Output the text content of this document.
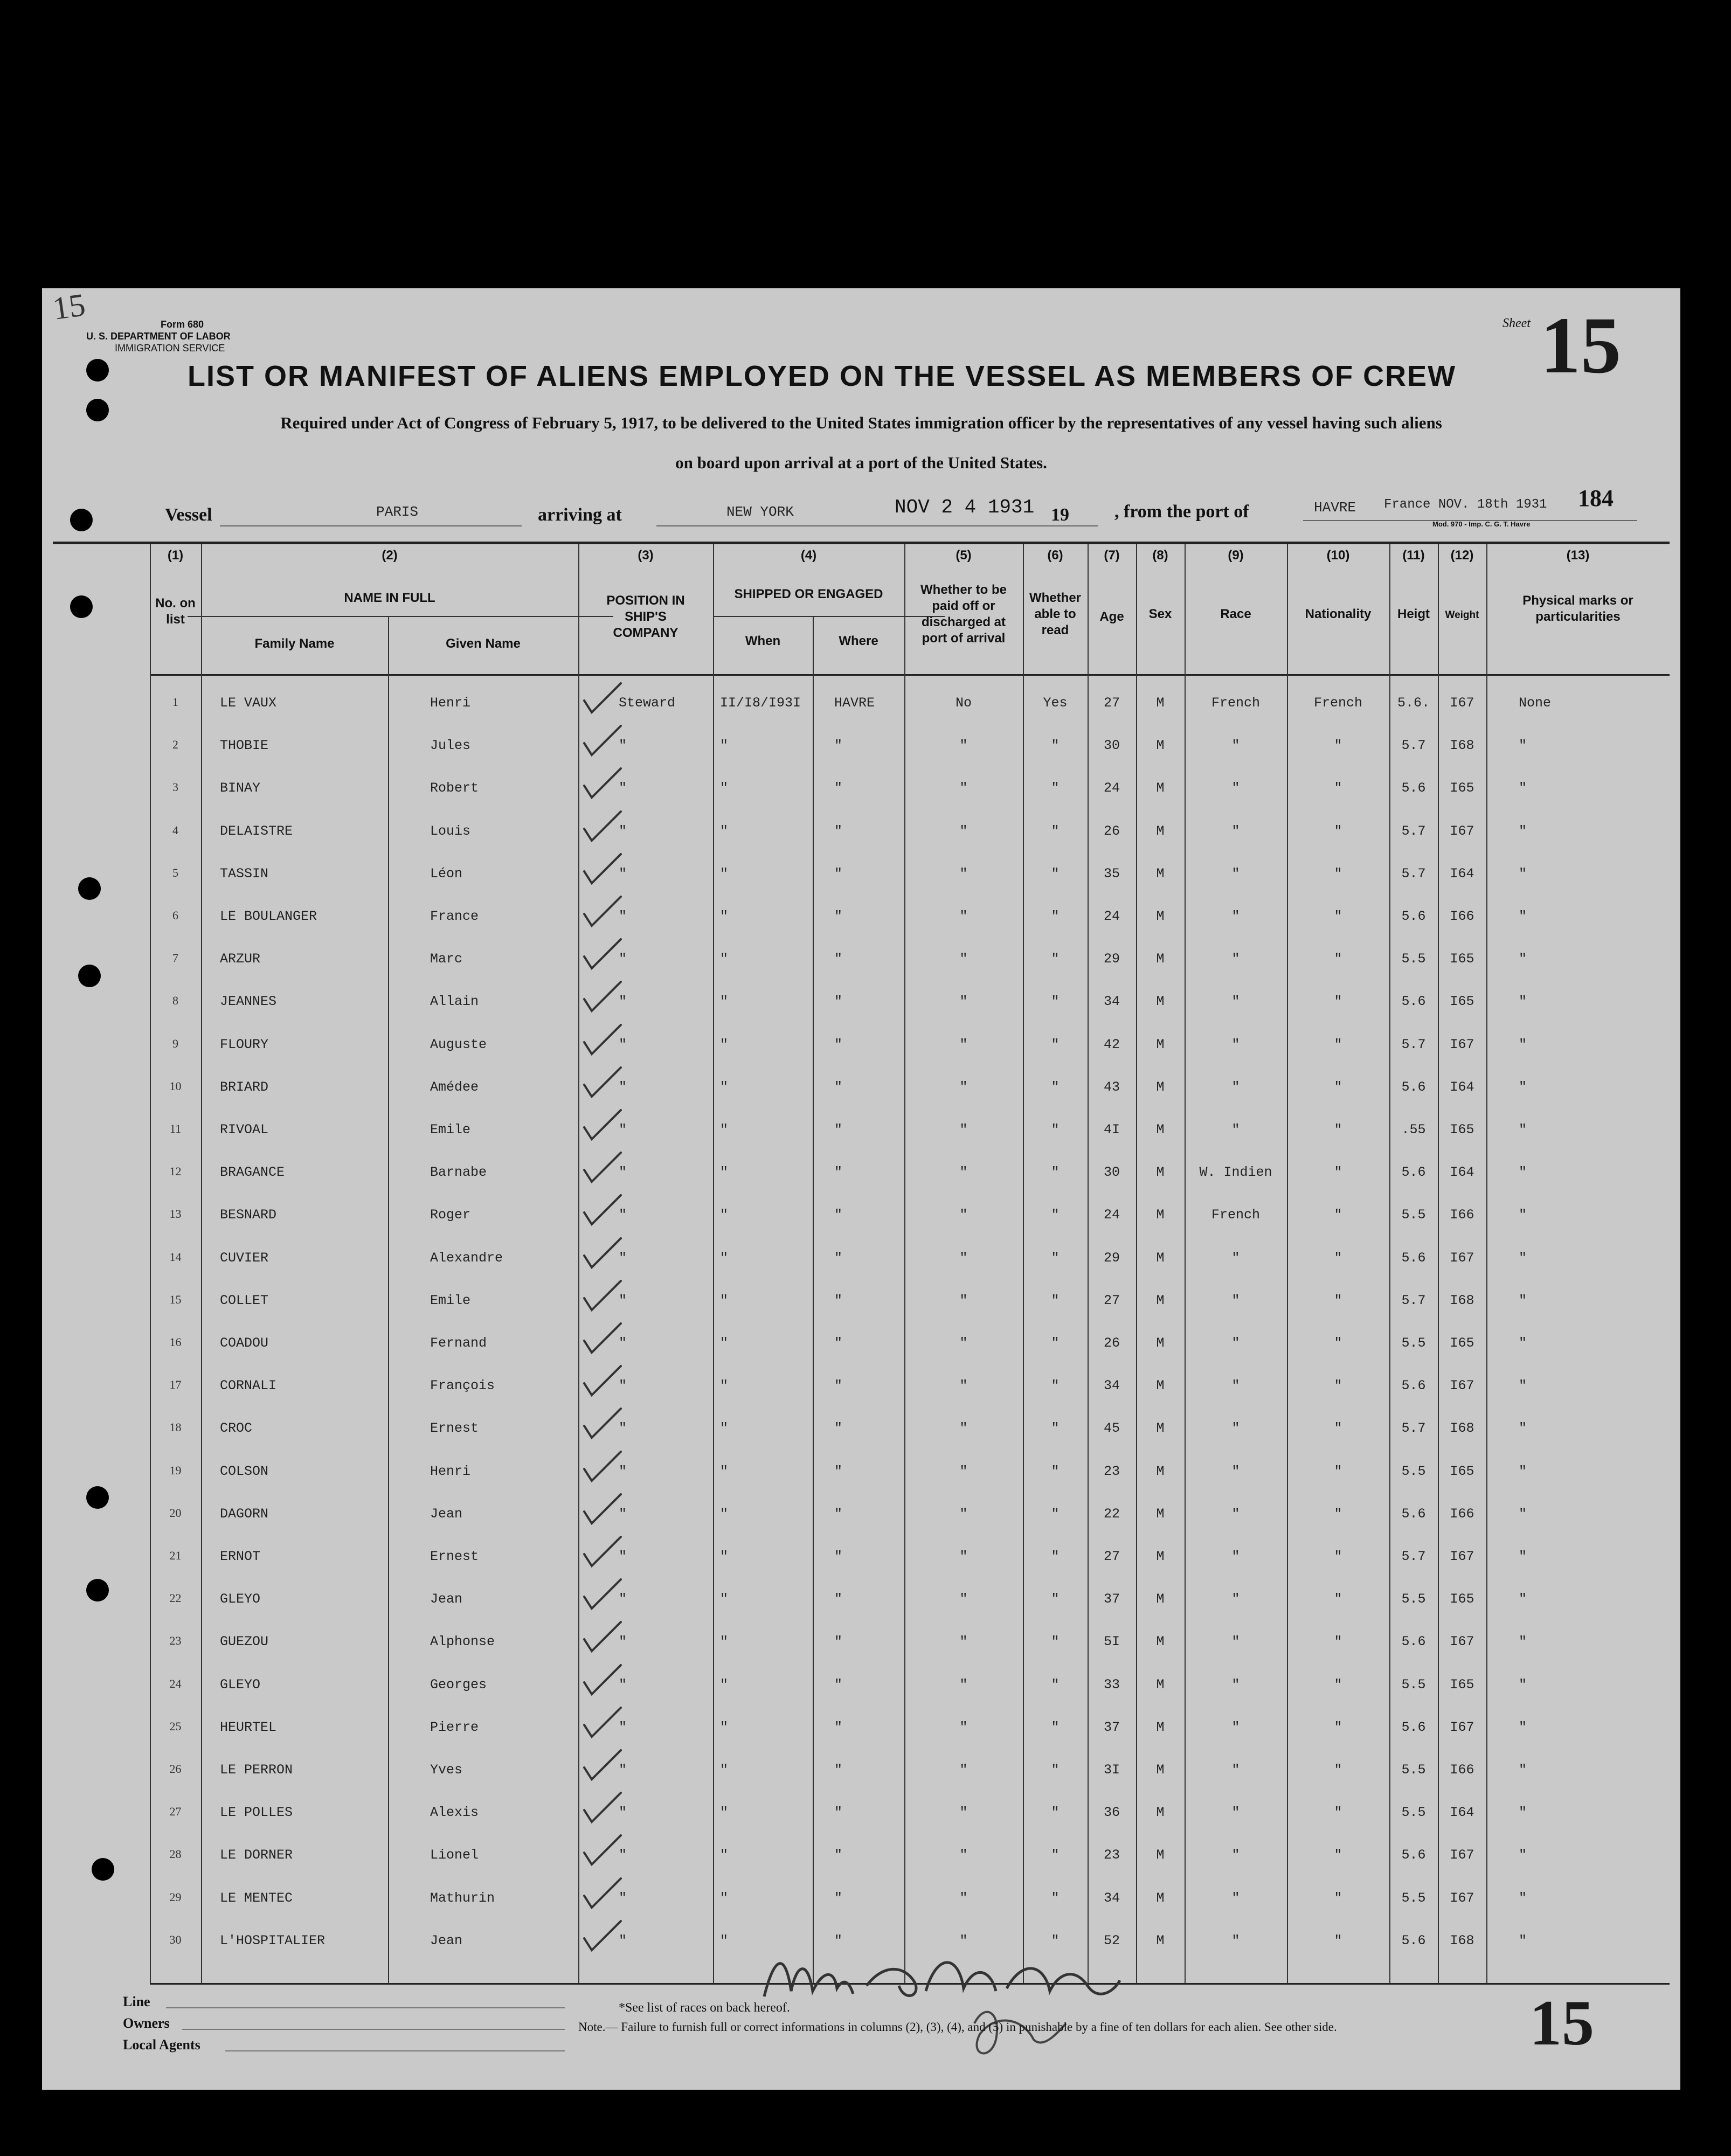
Form 680
U. S. DEPARTMENT OF LABOR
IMMIGRATION SERVICE
15	Sheet 15
LIST OR MANIFEST OF ALIENS EMPLOYED ON THE VESSEL AS MEMBERS OF CREW
Required under Act of Congress of February 5, 1917, to be delivered to the United States immigration officer by the representatives of any vessel having such aliens
on board upon arrival at a port of the United States.
Vessel	PARIS	arriving at	NEW YORK	NOV 2 4 1931 19 , from the port of	HAVRE France NOV. 18th 1931 184
Mod. 970 - Imp. C. G. T. Havre
(1)	(2)	(3)	(4)	(5)	(6)	(7)	(8)	(9)	(10)	(11)	(12)	(13)
No. on list
NAME IN FULL
Family Name	Given Name
POSITION IN SHIP'S COMPANY
SHIPPED OR ENGAGED
When	Where
Whether to be paid off or discharged at port of arrival
Whether able to read
Age	Sex	Race	Nationality	Heigt	Weight
Physical marks or particularities
1	LE VAUX	Henri	Steward	II/I8/I93I HAVRE	No	Yes	27	M	French	French	5.6.	I67	None
2	THOBIE	Jules	"	"	"	"	"	30	M	"	"	5.7	I68	"
3	BINAY	Robert	"	"	"	"	"	24	M	"	"	5.6	I65	"
4	DELAISTRE	Louis	"	"	"	"	"	26	M	"	"	5.7	I67	"
5	TASSIN	Léon	"	"	"	"	"	35	M	"	"	5.7	I64	"
6	LE BOULANGER	France	"	"	"	"	"	24	M	"	"	5.6	I66	"
7	ARZUR	Marc	"	"	"	"	"	29	M	"	"	5.5	I65	"
8	JEANNES	Allain	"	"	"	"	"	34	M	"	"	5.6	I65	"
9	FLOURY	Auguste	"	"	"	"	"	42	M	"	"	5.7	I67	"
10	BRIARD	Amédee	"	"	"	"	"	43	M	"	"	5.6	I64	"
11	RIVOAL	Emile	"	"	"	"	"	4I	M	"	"	.55	I65	"
12	BRAGANCE	Barnabe	"	"	"	"	"	30	M	W. Indien	"	5.6	I64	"
13	BESNARD	Roger	"	"	"	"	"	24	M	French	"	5.5	I66	"
14	CUVIER	Alexandre	"	"	"	"	"	29	M	"	"	5.6	I67	"
15	COLLET	Emile	"	"	"	"	"	27	M	"	"	5.7	I68	"
16	COADOU	Fernand	"	"	"	"	"	26	M	"	"	5.5	I65	"
17	CORNALI	François	"	"	"	"	"	34	M	"	"	5.6	I67	"
18	CROC	Ernest	"	"	"	"	"	45	M	"	"	5.7	I68	"
19	COLSON	Henri	"	"	"	"	"	23	M	"	"	5.5	I65	"
20	DAGORN	Jean	"	"	"	"	"	22	M	"	"	5.6	I66	"
21	ERNOT	Ernest	"	"	"	"	"	27	M	"	"	5.7	I67	"
22	GLEYO	Jean	"	"	"	"	"	37	M	"	"	5.5	I65	"
23	GUEZOU	Alphonse	"	"	"	"	"	5I	M	"	"	5.6	I67	"
24	GLEYO	Georges	"	"	"	"	"	33	M	"	"	5.5	I65	"
25	HEURTEL	Pierre	"	"	"	"	"	37	M	"	"	5.6	I67	"
26	LE PERRON	Yves	"	"	"	"	"	3I	M	"	"	5.5	I66	"
27	LE POLLES	Alexis	"	"	"	"	"	36	M	"	"	5.5	I64	"
28	LE DORNER	Lionel	"	"	"	"	"	23	M	"	"	5.6	I67	"
29	LE MENTEC	Mathurin	"	"	"	"	"	34	M	"	"	5.5	I67	"
30	L'HOSPITALIER	Jean	"	"	"	"	"	52	M	"	"	5.6	I68	"
Line
Owners
Local Agents
*See list of races on back hereof.
Note.— Failure to furnish full or correct informations in columns (2), (3), (4), and (5) in punishable by a fine of ten dollars for each alien. See other side.	15
